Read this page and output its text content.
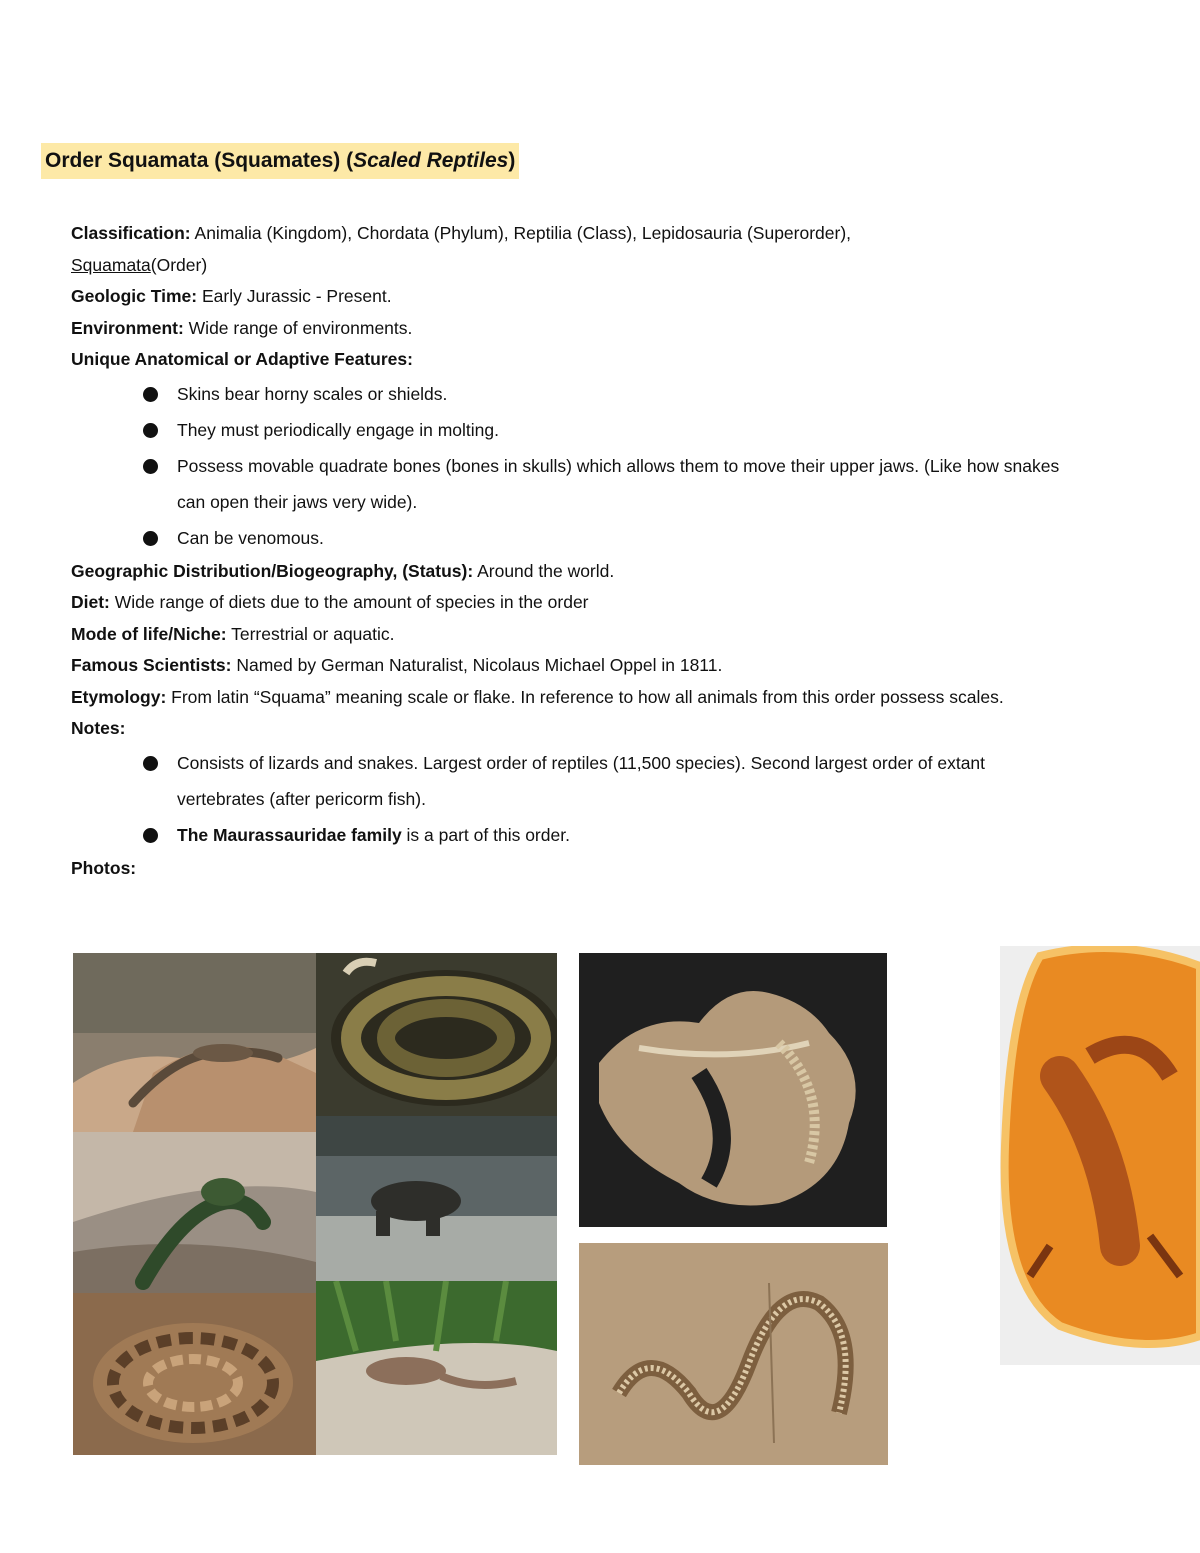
Order Squamata (Squamates) (Scaled Reptiles)

Classification: Animalia (Kingdom), Chordata (Phylum), Reptilia (Class), Lepidosauria (Superorder),
Squamata(Order)

Geologic Time: Early Jurassic - Present.

Environment: Wide range of environments.

Unique Anatomical or Adaptive Features:

Skins bear horny scales or shields.
They must periodically engage in molting.
Possess movable quadrate bones (bones in skulls) which allows them to move their upper jaws. (Like how snakes can open their jaws very wide).
Can be venomous.

Geographic Distribution/Biogeography, (Status): Around the world.

Diet: Wide range of diets due to the amount of species in the order

Mode of life/Niche: Terrestrial or aquatic.

Famous Scientists: Named by German Naturalist, Nicolaus Michael Oppel in 1811.

Etymology: From latin “Squama” meaning scale or flake. In reference to how all animals from this order possess scales.

Notes:

Consists of lizards and snakes. Largest order of reptiles (11,500 species). Second largest order of extant vertebrates (after pericorm fish).
The Maurassauridae family is a part of this order.

Photos:
